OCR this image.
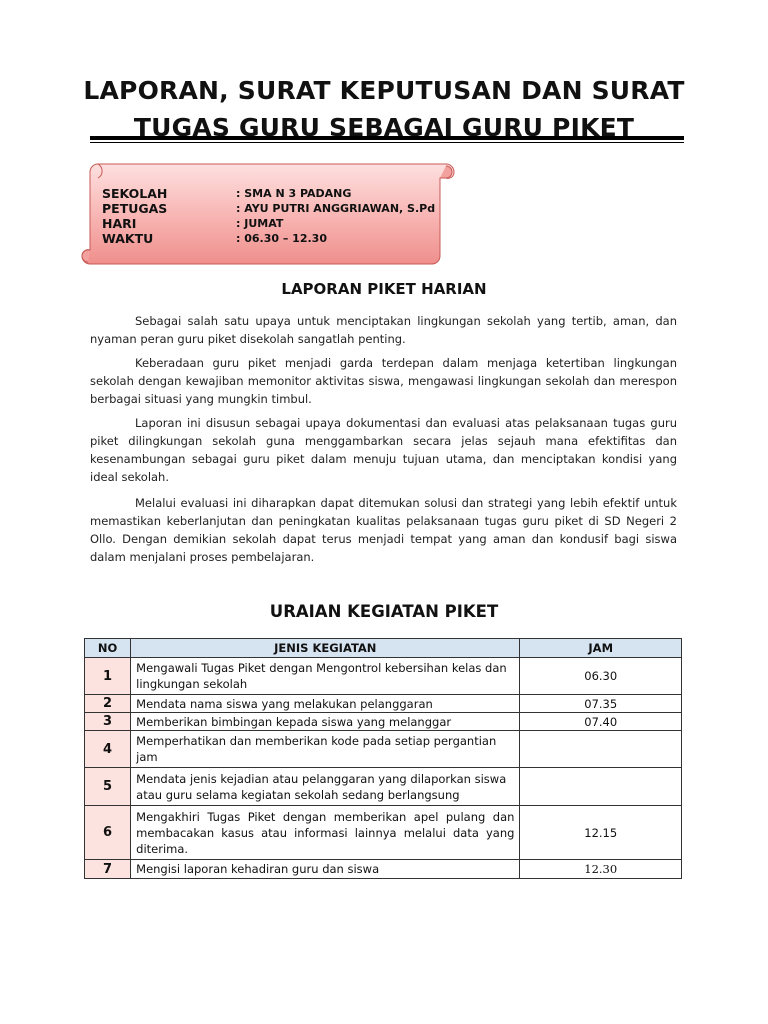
LAPORAN, SURAT KEPUTUSAN DAN SURAT
TUGAS GURU SEBAGAI GURU PIKET
SEKOLAH	: SMA N 3 PADANG
PETUGAS	: AYU PUTRI ANGGRIAWAN, S.Pd
HARI	: JUMAT
WAKTU	: 06.30 – 12.30
LAPORAN PIKET HARIAN
Sebagai salah satu upaya untuk menciptakan lingkungan sekolah yang tertib, aman, dan nyaman peran guru piket disekolah sangatlah penting.
Keberadaan guru piket menjadi garda terdepan dalam menjaga ketertiban lingkungan sekolah dengan kewajiban memonitor aktivitas siswa, mengawasi lingkungan sekolah dan merespon berbagai situasi yang mungkin timbul.
Laporan ini disusun sebagai upaya dokumentasi dan evaluasi atas pelaksanaan tugas guru piket dilingkungan sekolah guna menggambarkan secara jelas sejauh mana efektifitas dan kesenambungan sebagai guru piket dalam menuju tujuan utama, dan menciptakan kondisi yang ideal sekolah.
Melalui evaluasi ini diharapkan dapat ditemukan solusi dan strategi yang lebih efektif untuk memastikan keberlanjutan dan peningkatan kualitas pelaksanaan tugas guru piket di SD Negeri 2 Ollo. Dengan demikian sekolah dapat terus menjadi tempat yang aman dan kondusif bagi siswa dalam menjalani proses pembelajaran.
URAIAN KEGIATAN PIKET
NO	JENIS KEGIATAN	JAM
1	Mengawali Tugas Piket dengan Mengontrol kebersihan kelas dan lingkungan sekolah	06.30
2	Mendata nama siswa yang melakukan pelanggaran	07.35
3	Memberikan bimbingan kepada siswa yang melanggar	07.40
4	Memperhatikan dan memberikan kode pada setiap pergantian jam	
5	Mendata jenis kejadian atau pelanggaran yang dilaporkan siswa atau guru selama kegiatan sekolah sedang berlangsung	
6	Mengakhiri Tugas Piket dengan memberikan apel pulang dan membacakan kasus atau informasi lainnya melalui data yang diterima.	12.15
7	Mengisi laporan kehadiran guru dan siswa	12.30
